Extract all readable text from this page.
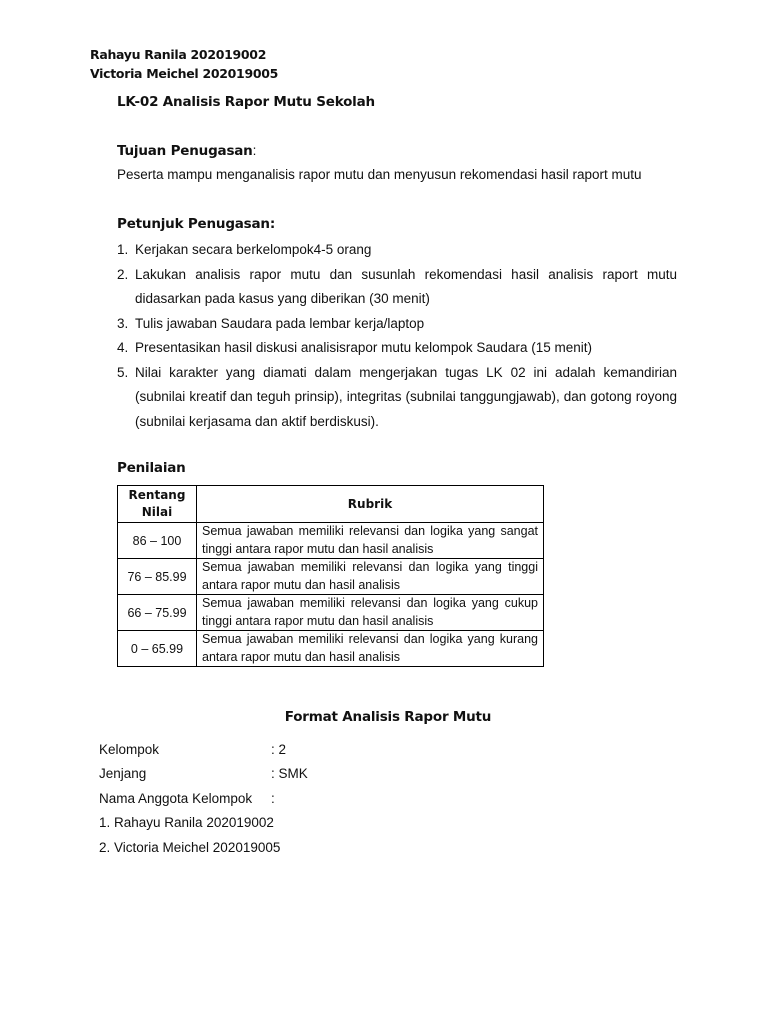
Rahayu Ranila 202019002
Victoria Meichel 202019005
LK-02 Analisis Rapor Mutu Sekolah
Tujuan Penugasan:
Peserta mampu menganalisis rapor mutu dan menyusun rekomendasi hasil raport mutu
Petunjuk Penugasan:
1. Kerjakan secara berkelompok4-5 orang
2. Lakukan analisis rapor mutu dan susunlah rekomendasi hasil analisis raport mutu didasarkan pada kasus yang diberikan (30 menit)
3. Tulis jawaban Saudara pada lembar kerja/laptop
4. Presentasikan hasil diskusi analisisrapor mutu kelompok Saudara (15 menit)
5. Nilai karakter yang diamati dalam mengerjakan tugas LK 02 ini adalah kemandirian (subnilai kreatif dan teguh prinsip), integritas (subnilai tanggungjawab), dan gotong royong (subnilai kerjasama dan aktif berdiskusi).
Penilaian
Rentang Nilai	Rubrik
86 – 100	Semua jawaban memiliki relevansi dan logika yang sangat tinggi antara rapor mutu dan hasil analisis
76 – 85.99	Semua jawaban memiliki relevansi dan logika yang tinggi antara rapor mutu dan hasil analisis
66 – 75.99	Semua jawaban memiliki relevansi dan logika yang cukup tinggi antara rapor mutu dan hasil analisis
0 – 65.99	Semua jawaban memiliki relevansi dan logika yang kurang antara rapor mutu dan hasil analisis
Format Analisis Rapor Mutu
Kelompok	: 2
Jenjang	: SMK
Nama Anggota Kelompok :
1. Rahayu Ranila 202019002
2. Victoria Meichel 202019005
